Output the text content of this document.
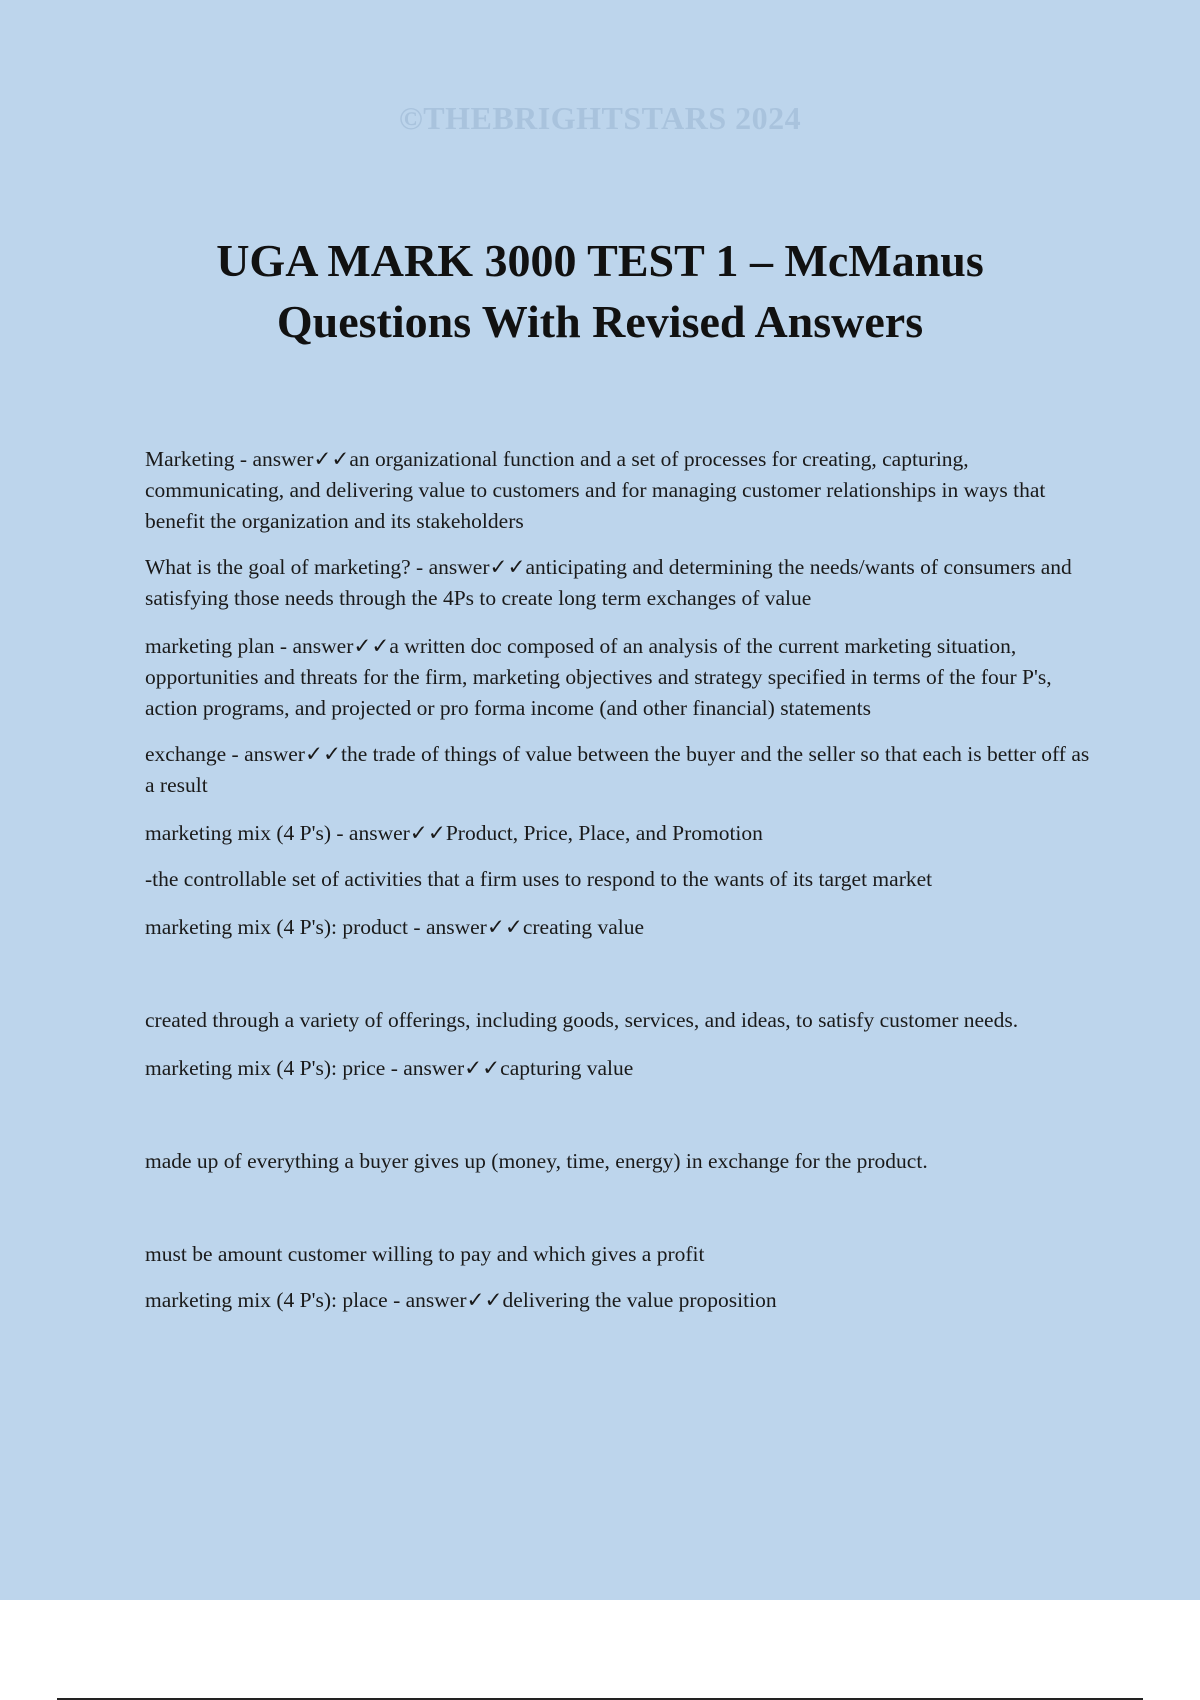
©THEBRIGHTSTARS 2024
UGA MARK 3000 TEST 1 – McManus
Questions With Revised Answers

Marketing - answer✓✓an organizational function and a set of processes for creating, capturing, communicating, and delivering value to customers and for managing customer relationships in ways that benefit the organization and its stakeholders

What is the goal of marketing? - answer✓✓anticipating and determining the needs/wants of consumers and satisfying those needs through the 4Ps to create long term exchanges of value

marketing plan - answer✓✓a written doc composed of an analysis of the current marketing situation, opportunities and threats for the firm, marketing objectives and strategy specified in terms of the four P's, action programs, and projected or pro forma income (and other financial) statements

exchange - answer✓✓the trade of things of value between the buyer and the seller so that each is better off as a result

marketing mix (4 P's) - answer✓✓Product, Price, Place, and Promotion

-the controllable set of activities that a firm uses to respond to the wants of its target market

marketing mix (4 P's): product - answer✓✓creating value

created through a variety of offerings, including goods, services, and ideas, to satisfy customer needs.

marketing mix (4 P's): price - answer✓✓capturing value

made up of everything a buyer gives up (money, time, energy) in exchange for the product.

must be amount customer willing to pay and which gives a profit

marketing mix (4 P's): place - answer✓✓delivering the value proposition
